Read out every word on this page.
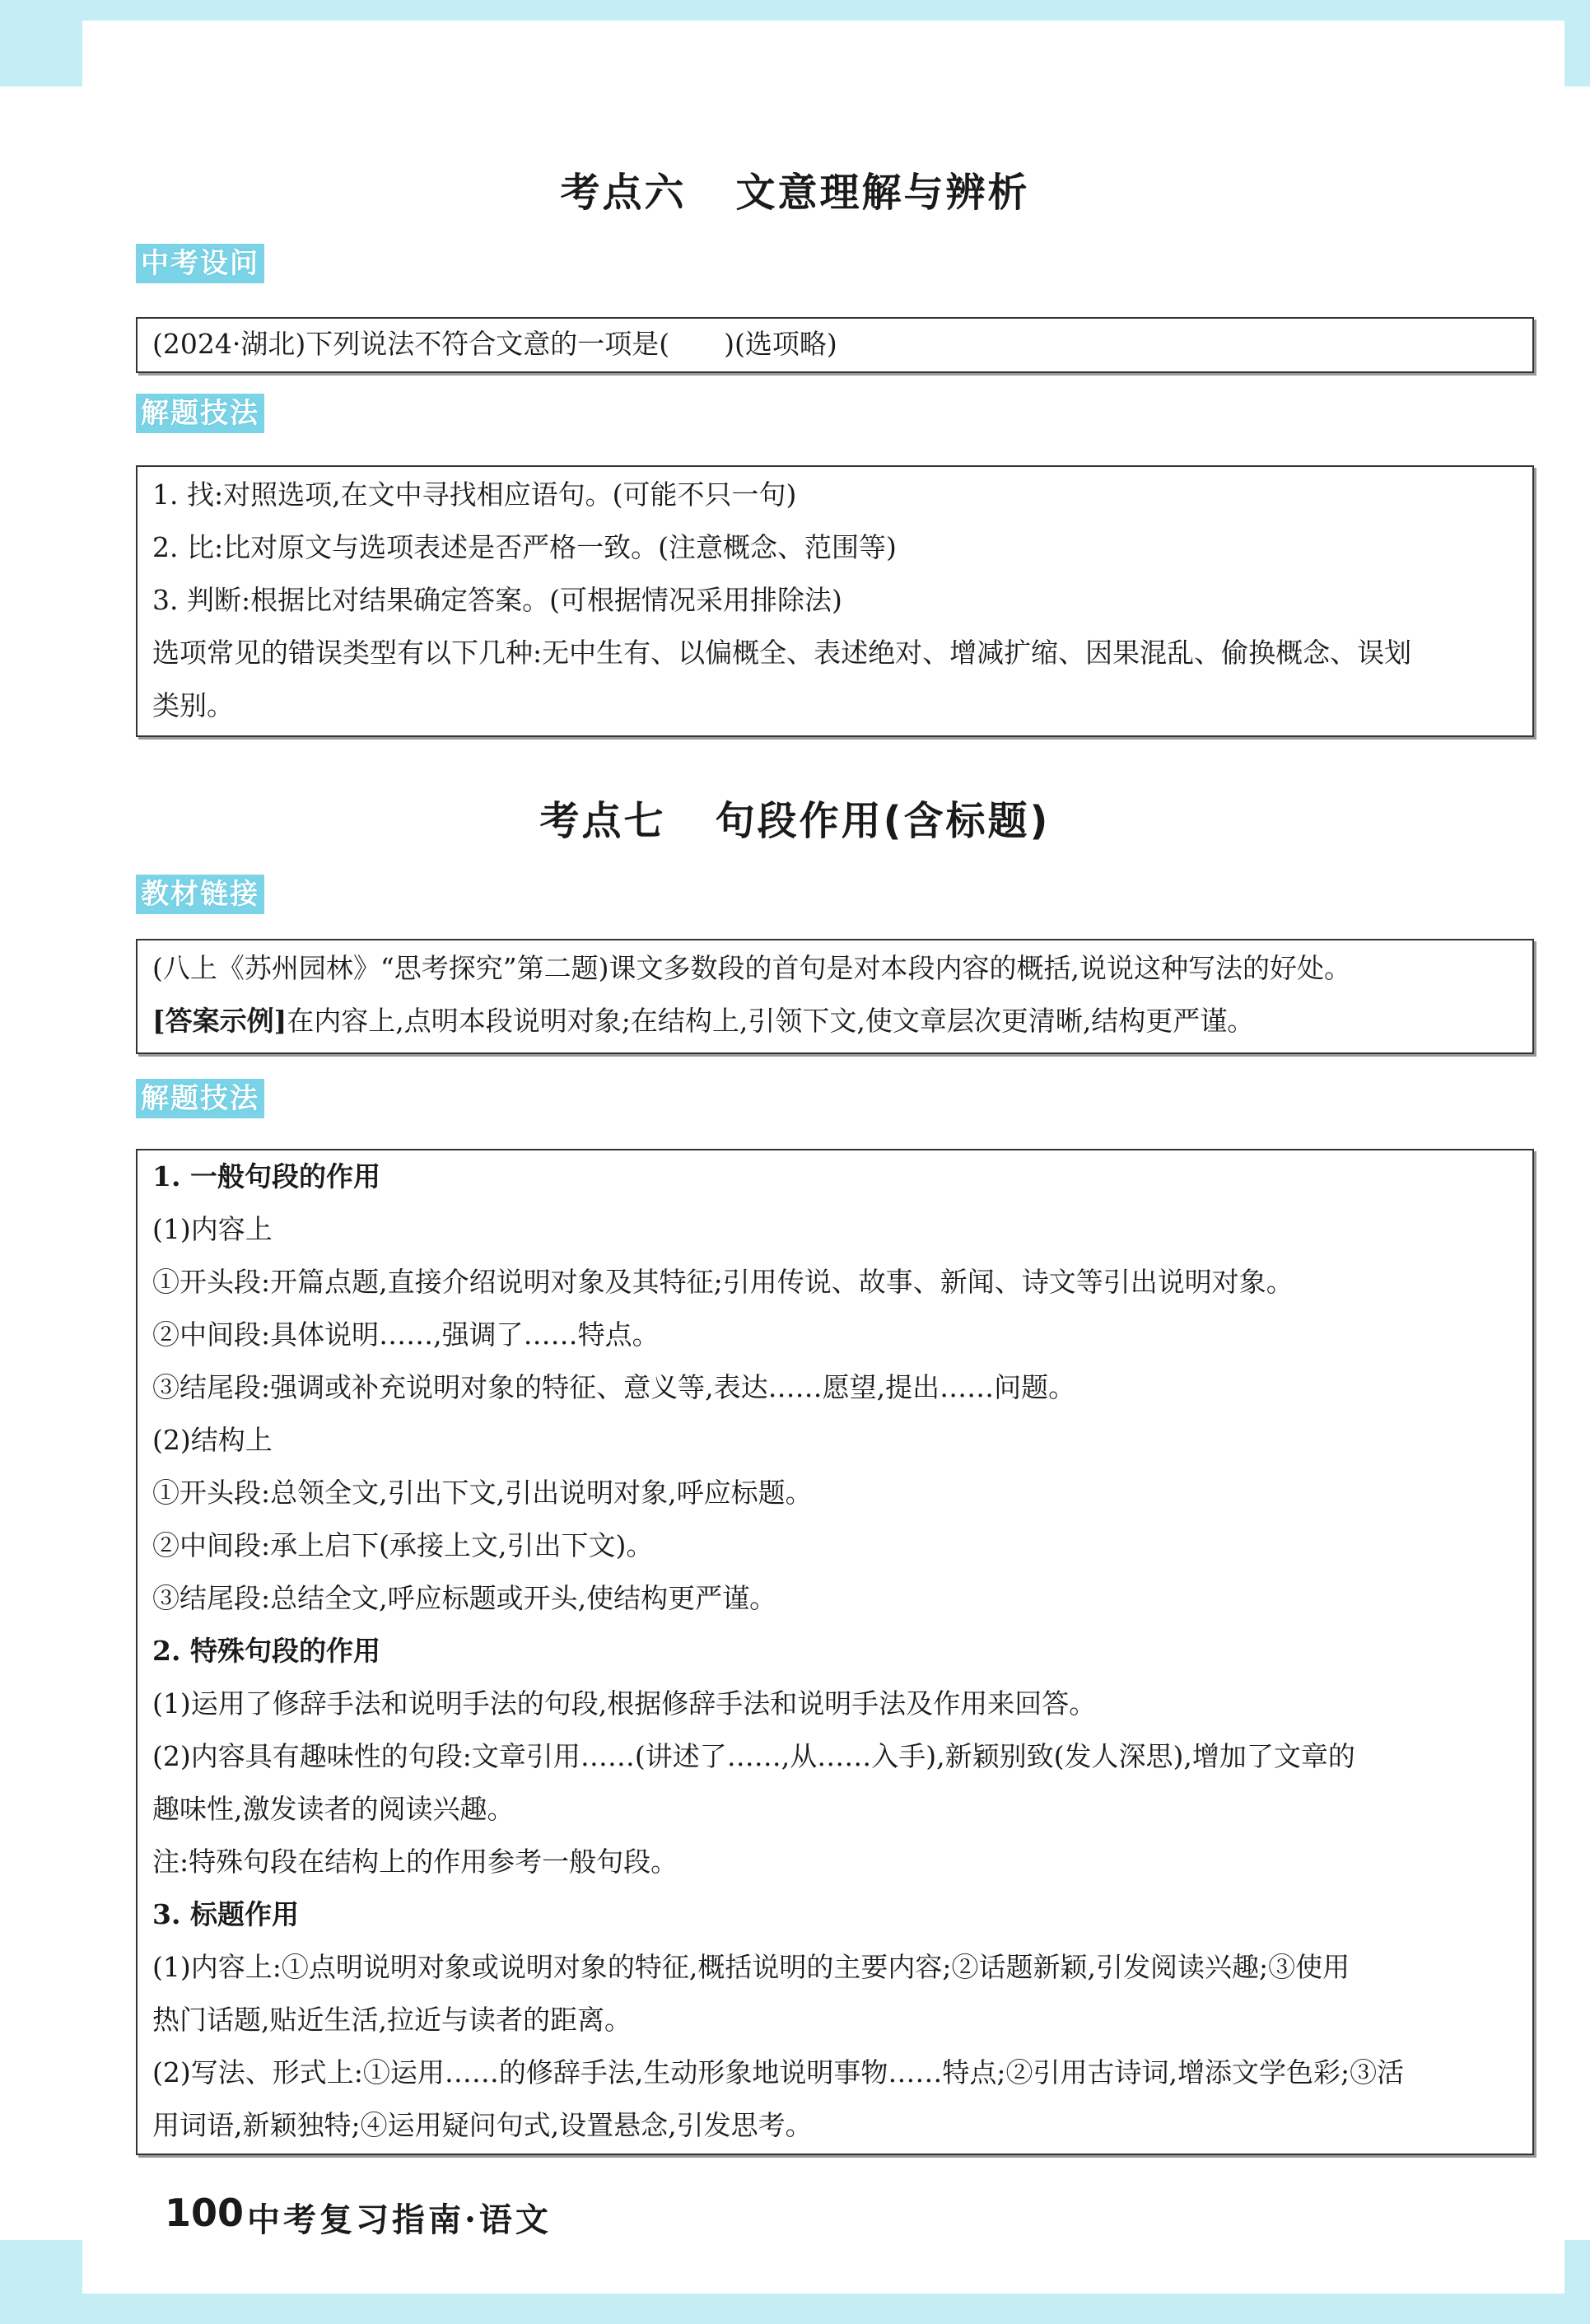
考点六 文意理解与辨析
中考设问
(2024·湖北)下列说法不符合文意的一项是(　　)(选项略)
解题技法
1. 找:对照选项,在文中寻找相应语句。(可能不只一句)
2. 比:比对原文与选项表述是否严格一致。(注意概念、范围等)
3. 判断:根据比对结果确定答案。(可根据情况采用排除法)
选项常见的错误类型有以下几种:无中生有、以偏概全、表述绝对、增减扩缩、因果混乱、偷换概念、误划
类别。
考点七 句段作用(含标题)
教材链接
(八上《苏州园林》“思考探究”第二题)课文多数段的首句是对本段内容的概括,说说这种写法的好处。
[答案示例]在内容上,点明本段说明对象;在结构上,引领下文,使文章层次更清晰,结构更严谨。
解题技法
1. 一般句段的作用
(1)内容上
①开头段:开篇点题,直接介绍说明对象及其特征;引用传说、故事、新闻、诗文等引出说明对象。
②中间段:具体说明……,强调了……特点。
③结尾段:强调或补充说明对象的特征、意义等,表达……愿望,提出……问题。
(2)结构上
①开头段:总领全文,引出下文,引出说明对象,呼应标题。
②中间段:承上启下(承接上文,引出下文)。
③结尾段:总结全文,呼应标题或开头,使结构更严谨。
2. 特殊句段的作用
(1)运用了修辞手法和说明手法的句段,根据修辞手法和说明手法及作用来回答。
(2)内容具有趣味性的句段:文章引用……(讲述了……,从……入手),新颖别致(发人深思),增加了文章的
趣味性,激发读者的阅读兴趣。
注:特殊句段在结构上的作用参考一般句段。
3. 标题作用
(1)内容上:①点明说明对象或说明对象的特征,概括说明的主要内容;②话题新颖,引发阅读兴趣;③使用
热门话题,贴近生活,拉近与读者的距离。
(2)写法、形式上:①运用……的修辞手法,生动形象地说明事物……特点;②引用古诗词,增添文学色彩;③活
用词语,新颖独特;④运用疑问句式,设置悬念,引发思考。
100 中考复习指南·语文
